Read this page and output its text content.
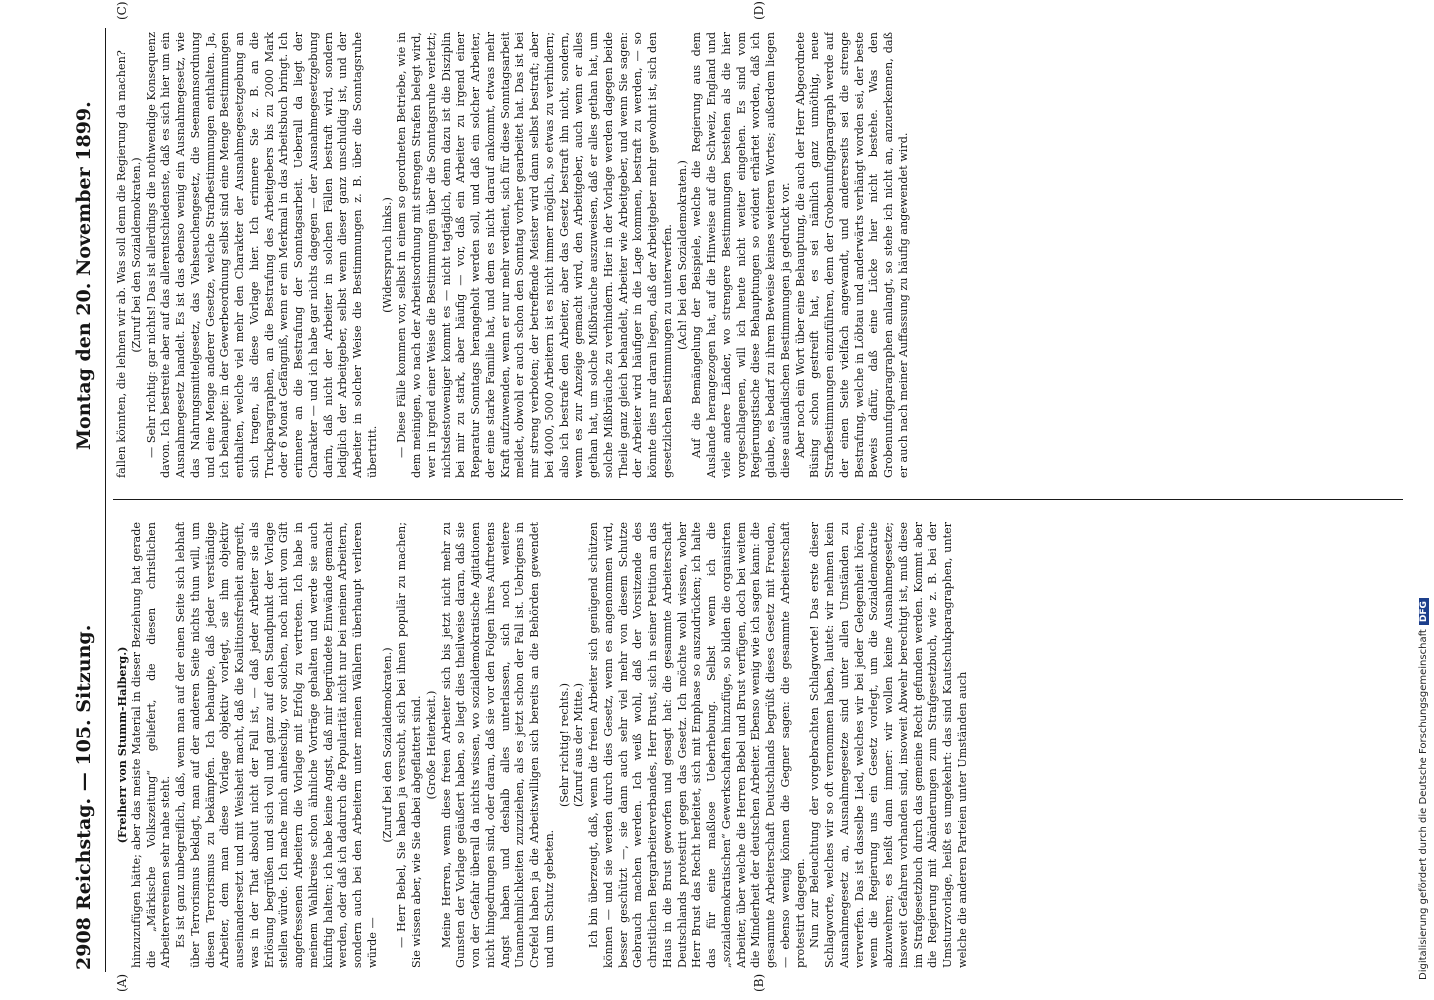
2908
Reichstag. — 105. Sitzung.
Montag den 20. November 1899.
(A)	(B)
(C)	(D)

(Freiherr von Stumm-Halberg.) hinzuzufügen hätte; aber das meiste Material in dieser Beziehung hat gerade die „Märkische Volkszeitung“ geliefert, die diesen christlichen Arbeitervereinen sehr nahe steht. Es ist ganz unbegreiflich, daß, wenn man auf der einen Seite sich lebhaft über Terrorismus beklagt, man auf der anderen Seite nichts thun will, um diesen Terrorismus zu bekämpfen. Ich behaupte, daß jeder verständige Arbeiter, dem man diese Vorlage objektiv vorlegt, sie ihm objektiv auseinandersetzt und mit Weisheit macht, daß die Koalitionsfreiheit angreift, was in der That absolut nicht der Fall ist, — daß jeder Arbeiter sie als Erlösung begrüßen und sich voll und ganz auf den Standpunkt der Vorlage stellen würde. Ich mache mich anheischig, vor solchen, noch nicht vom Gift angefressenen Arbeitern die Vorlage mit Erfolg zu vertreten. Ich habe in meinem Wahlkreise schon ähnliche Vorträge gehalten und werde sie auch künftig halten; ich habe keine Angst, daß mir begründete Einwände gemacht werden, oder daß ich dadurch die Popularität nicht nur bei meinen Arbeitern, sondern auch bei den Arbeitern unter meinen Wählern überhaupt verlieren würde —

(Zuruf bei den Sozialdemokraten.) — Herr Bebel, Sie haben ja versucht, sich bei ihnen populär zu machen; Sie wissen aber, wie Sie dabei abgeflattert sind. (Große Heiterkeit.) Meine Herren, wenn diese freien Arbeiter sich bis jetzt nicht mehr zu Gunsten der Vorlage geäußert haben, so liegt dies theilweise daran, daß sie von der Gefahr überall da nichts wissen, wo sozialdemokratische Agitationen nicht hingedrungen sind, oder daran, daß sie vor den Folgen ihres Auftretens Angst haben und deshalb alles unterlassen, sich noch weitere Unannehmlichkeiten zuzuziehen, als es jetzt schon der Fall ist. Uebrigens in Crefeld haben ja die Arbeitswilligen sich bereits an die Behörden gewendet und um Schutz gebeten.

(Sehr richtig! rechts.) (Zuruf aus der Mitte.) Ich bin überzeugt, daß, wenn die freien Arbeiter sich genügend schützen können — und sie werden durch dies Gesetz, wenn es angenommen wird, besser geschützt —, sie dann auch sehr viel mehr von diesem Schutze Gebrauch machen werden. Ich weiß wohl, daß der Vorsitzende des christlichen Bergarbeiterverbandes, Herr Brust, sich in seiner Petition an das Haus in die Brust geworfen und gesagt hat: die gesammte Arbeiterschaft Deutschlands protestirt gegen das Gesetz. Ich möchte wohl wissen, woher Herr Brust das Recht herleitet, sich mit Emphase so auszudrücken; ich halte das für eine maßlose Ueberhebung. Selbst wenn ich die „sozialdemokratischen“ Gewerkschaften hinzufüge, so bilden die organisirten Arbeiter, über welche die Herren Bebel und Brust verfügen, doch bei weitem die Minderheit der deutschen Arbeiter. Ebenso wenig wie ich sagen kann: die gesammte Arbeiterschaft Deutschlands begrüßt dieses Gesetz mit Freuden, — ebenso wenig können die Gegner sagen: die gesammte Arbeiterschaft protestirt dagegen. Nun zur Beleuchtung der vorgebrachten Schlagworte! Das erste dieser Schlagworte, welches wir so oft vernommen haben, lautet: wir nehmen kein Ausnahmegesetz an, Ausnahmegesetze sind unter allen Umständen zu verwerfen. Das ist dasselbe Lied, welches wir bei jeder Gelegenheit hören, wenn die Regierung uns ein Gesetz vorlegt, um die Sozialdemokratie abzuwehren; es heißt dann immer: wir wollen keine Ausnahmegesetze; insoweit Gefahren vorhanden sind, insoweit Abwehr berechtigt ist, muß diese im Strafgesetzbuch durch das gemeine Recht gefunden werden. Kommt aber die Regierung mit Abänderungen zum Strafgesetzbuch, wie z. B. bei der Umsturzvorlage, heißt es umgekehrt: das sind Kautschukparagraphen, unter welche die anderen Parteien unter Umständen auch

fallen könnten, die lehnen wir ab. Was soll denn die Regierung da machen? (Zuruf bei den Sozialdemokraten.) — Sehr richtig: gar nichts! Das ist allerdings die nothwendige Konsequenz davon. Ich bestreite aber auf das allerentschiedenste, daß es sich hier um ein Ausnahmegesetz handelt. Es ist das ebenso wenig ein Ausnahmegesetz, wie das Nahrungsmittelgesetz, das Viehseuchengesetz, die Seemannsordnung und eine Menge anderer Gesetze, welche Strafbestimmungen enthalten. Ja, ich behaupte: in der Gewerbeordnung selbst sind eine Menge Bestimmungen enthalten, welche viel mehr den Charakter der Ausnahmegesetzgebung an sich tragen, als diese Vorlage hier. Ich erinnere Sie z. B. an die Truckparagraphen, an die Bestrafung des Arbeitgebers bis zu 2000 Mark oder 6 Monat Gefängniß, wenn er ein Merkmal in das Arbeitsbuch bringt. Ich erinnere an die Bestrafung der Sonntagsarbeit. Ueberall da liegt der Charakter — und ich habe gar nichts dagegen — der Ausnahmegesetzgebung darin, daß nicht der Arbeiter in solchen Fällen bestraft wird, sondern lediglich der Arbeitgeber, selbst wenn dieser ganz unschuldig ist, und der Arbeiter in solcher Weise die Bestimmungen z. B. über die Sonntagsruhe übertritt.

(Widerspruch links.) — Diese Fälle kommen vor, selbst in einem so geordneten Betriebe, wie in dem meinigen, wo nach der Arbeitsordnung mit strengen Strafen belegt wird, wer in irgend einer Weise die Bestimmungen über die Sonntagsruhe verletzt; nichtsdestoweniger kommt es — nicht tagtäglich, denn dazu ist die Disziplin bei mir zu stark, aber häufig — vor, daß ein Arbeiter zu irgend einer Reparatur Sonntags herangeholt werden soll, und daß ein solcher Arbeiter, der eine starke Familie hat, und dem es nicht darauf ankommt, etwas mehr Kraft aufzuwenden, wenn er nur mehr verdient, sich für diese Sonntagsarbeit meldet, obwohl er auch schon den Sonntag vorher gearbeitet hat. Das ist bei mir streng verboten; der betreffende Meister wird dann selbst bestraft; aber bei 4000, 5000 Arbeitern ist es nicht immer möglich, so etwas zu verhindern; also ich bestrafe den Arbeiter, aber das Gesetz bestraft ihn nicht, sondern, wenn es zur Anzeige gemacht wird, den Arbeitgeber, auch wenn er alles gethan hat, um solche Mißbräuche auszuweisen, daß er alles gethan hat, um solche Mißbräuche zu verhindern. Hier in der Vorlage werden dagegen beide Theile ganz gleich behandelt, Arbeiter wie Arbeitgeber, und wenn Sie sagen: der Arbeiter wird häufiger in die Lage kommen, bestraft zu werden, — so könnte dies nur daran liegen, daß der Arbeitgeber mehr gewohnt ist, sich den gesetzlichen Bestimmungen zu unterwerfen. (Ach! bei den Sozialdemokraten.) Auf die Bemängelung der Beispiele, welche die Regierung aus dem Auslande herangezogen hat, auf die Hinweise auf die Schweiz, England und viele andere Länder, wo strengere Bestimmungen bestehen als die hier vorgeschlagenen, will ich heute nicht weiter eingehen. Es sind vom Regierungstische diese Behauptungen so evident erhärtet worden, daß ich glaube, es bedarf zu ihrem Beweise keines weiteren Wortes; außerdem liegen diese ausländischen Bestimmungen ja gedruckt vor. Aber noch ein Wort über eine Behauptung, die auch der Herr Abgeordnete Büsing schon gestreift hat, es sei nämlich ganz unnöthig, neue Strafbestimmungen einzuführen, denn der Grobenunfugparagraph werde auf der einen Seite vielfach angewandt, und andererseits sei die strenge Bestrafung, welche in Löbtau und anderwärts verhängt worden sei, der beste Beweis dafür, daß eine Lücke hier nicht bestehe. Was den Grobenunfugparagraphen anlangt, so stehe ich nicht an, anzuerkennen, daß er auch nach meiner Auffassung zu häufig angewendet wird.

Digitalisierung gefördert durch die Deutsche Forschungsgemeinschaft
DFG
